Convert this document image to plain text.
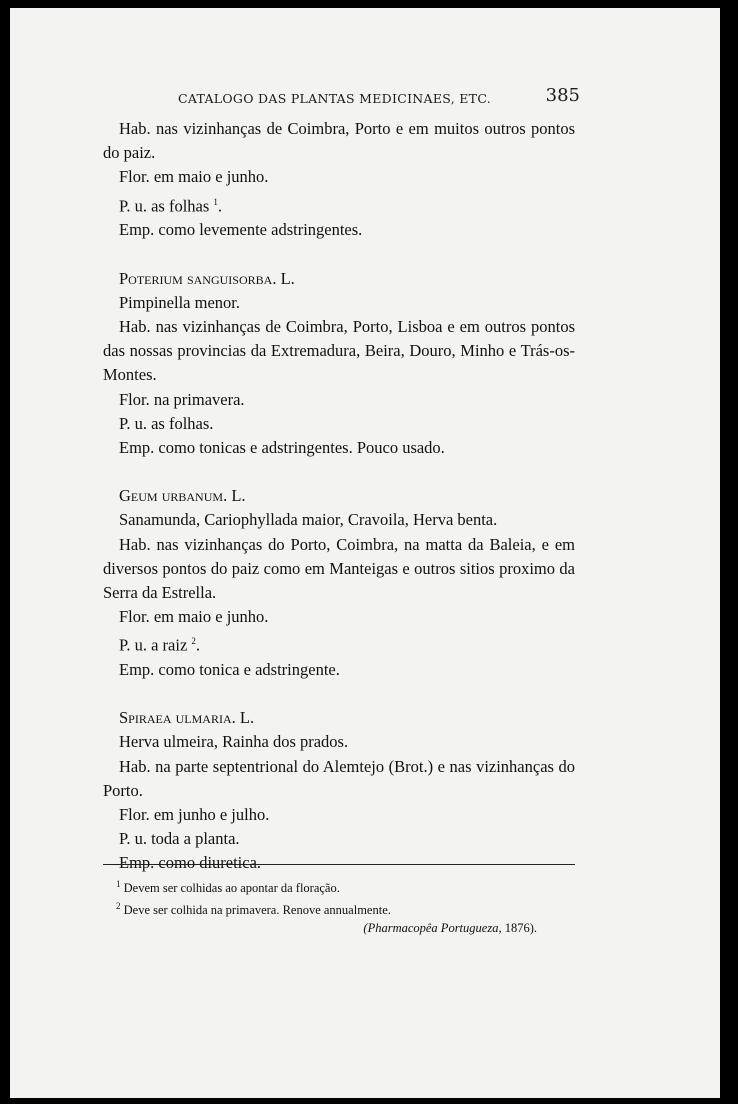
CATALOGO DAS PLANTAS MEDICINAES, ETC.	385

Hab. nas vizinhanças de Coimbra, Porto e em muitos outros pontos do paiz.

Flor. em maio e junho.

P. u. as folhas $^1$.

Emp. como levemente adstringentes.

Poterium sanguisorba. L.

Pimpinella menor.

Hab. nas vizinhanças de Coimbra, Porto, Lisboa e em outros pontos das nossas provincias da Extremadura, Beira, Douro, Minho e Trás-os-Montes.

Flor. na primavera.

P. u. as folhas.

Emp. como tonicas e adstringentes. Pouco usado.

Geum urbanum. L.

Sanamunda, Cariophyllada maior, Cravoila, Herva benta.

Hab. nas vizinhanças do Porto, Coimbra, na matta da Baleia, e em diversos pontos do paiz como em Manteigas e outros sitios proximo da Serra da Estrella.

Flor. em maio e junho.

P. u. a raiz $^2$.

Emp. como tonica e adstringente.

Spiraea ulmaria. L.

Herva ulmeira, Rainha dos prados.

Hab. na parte septentrional do Alemtejo (Brot.) e nas vizinhanças do Porto.

Flor. em junho e julho.

P. u. toda a planta.

Emp. como diuretica.

$^1$ Devem ser colhidas ao apontar da floração.
$^2$ Deve ser colhida na primavera. Renove annualmente.
(Pharmacopêa Portugueza, 1876).
